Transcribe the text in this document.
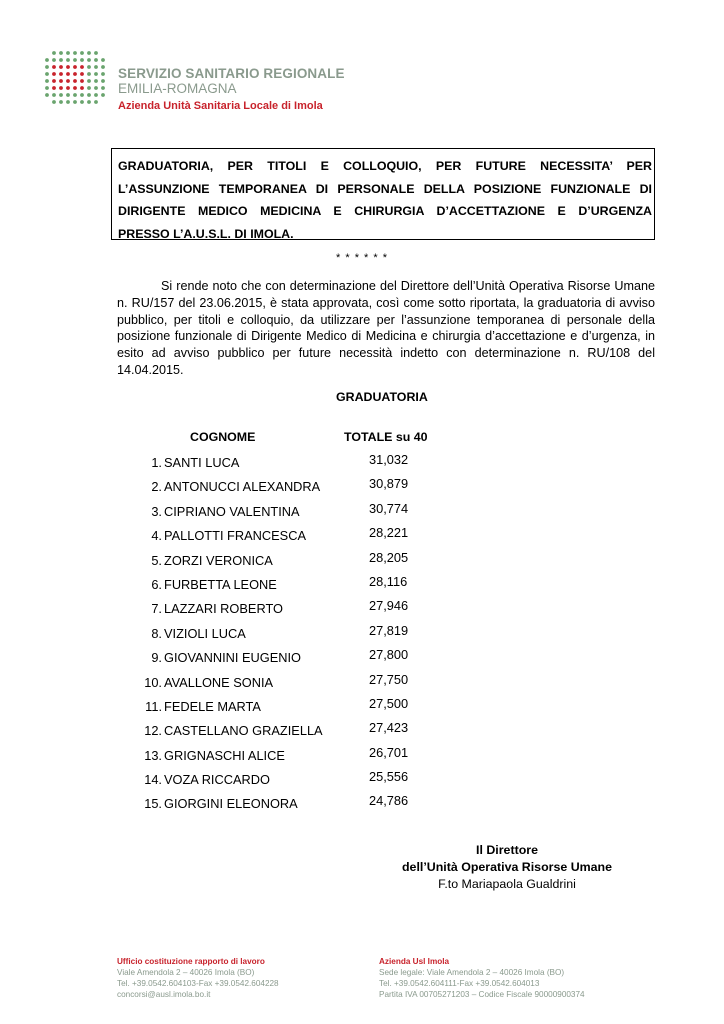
SERVIZIO SANITARIO REGIONALE
EMILIA-ROMAGNA
Azienda Unità Sanitaria Locale di Imola
GRADUATORIA, PER TITOLI E COLLOQUIO, PER FUTURE NECESSITA’ PER L’ASSUNZIONE TEMPORANEA DI PERSONALE DELLA POSIZIONE FUNZIONALE DI DIRIGENTE MEDICO MEDICINA E CHIRURGIA D’ACCETTAZIONE E D’URGENZA
PRESSO L’A.U.S.L. DI IMOLA.
* * * * * *
Si rende noto che con determinazione del Direttore dell’Unità Operativa Risorse Umane n. RU/157 del 23.06.2015, è stata approvata, così come sotto riportata, la graduatoria di avviso pubblico, per titoli e colloquio, da utilizzare per l’assunzione temporanea di personale della posizione funzionale di Dirigente Medico di Medicina e chirurgia d’accettazione e d’urgenza, in esito ad avviso pubblico per future necessità indetto con determinazione n. RU/108 del 14.04.2015.
GRADUATORIA
COGNOME	TOTALE su 40
1. SANTI LUCA	31,032
2. ANTONUCCI ALEXANDRA	30,879
3. CIPRIANO VALENTINA	30,774
4. PALLOTTI FRANCESCA	28,221
5. ZORZI VERONICA	28,205
6. FURBETTA LEONE	28,116
7. LAZZARI ROBERTO	27,946
8. VIZIOLI LUCA	27,819
9. GIOVANNINI EUGENIO	27,800
10. AVALLONE SONIA	27,750
11. FEDELE MARTA	27,500
12. CASTELLANO GRAZIELLA	27,423
13. GRIGNASCHI ALICE	26,701
14. VOZA RICCARDO	25,556
15. GIORGINI ELEONORA	24,786
Il Direttore
dell’Unità Operativa Risorse Umane
F.to Mariapaola Gualdrini
Ufficio costituzione rapporto di lavoro
Viale Amendola 2 – 40026 Imola (BO)
Tel. +39.0542.604103-Fax +39.0542.604228
concorsi@ausl.imola.bo.it
Azienda Usl Imola
Sede legale: Viale Amendola 2 – 40026 Imola (BO)
Tel. +39.0542.604111-Fax +39.0542.604013
Partita IVA 00705271203 – Codice Fiscale 90000900374
